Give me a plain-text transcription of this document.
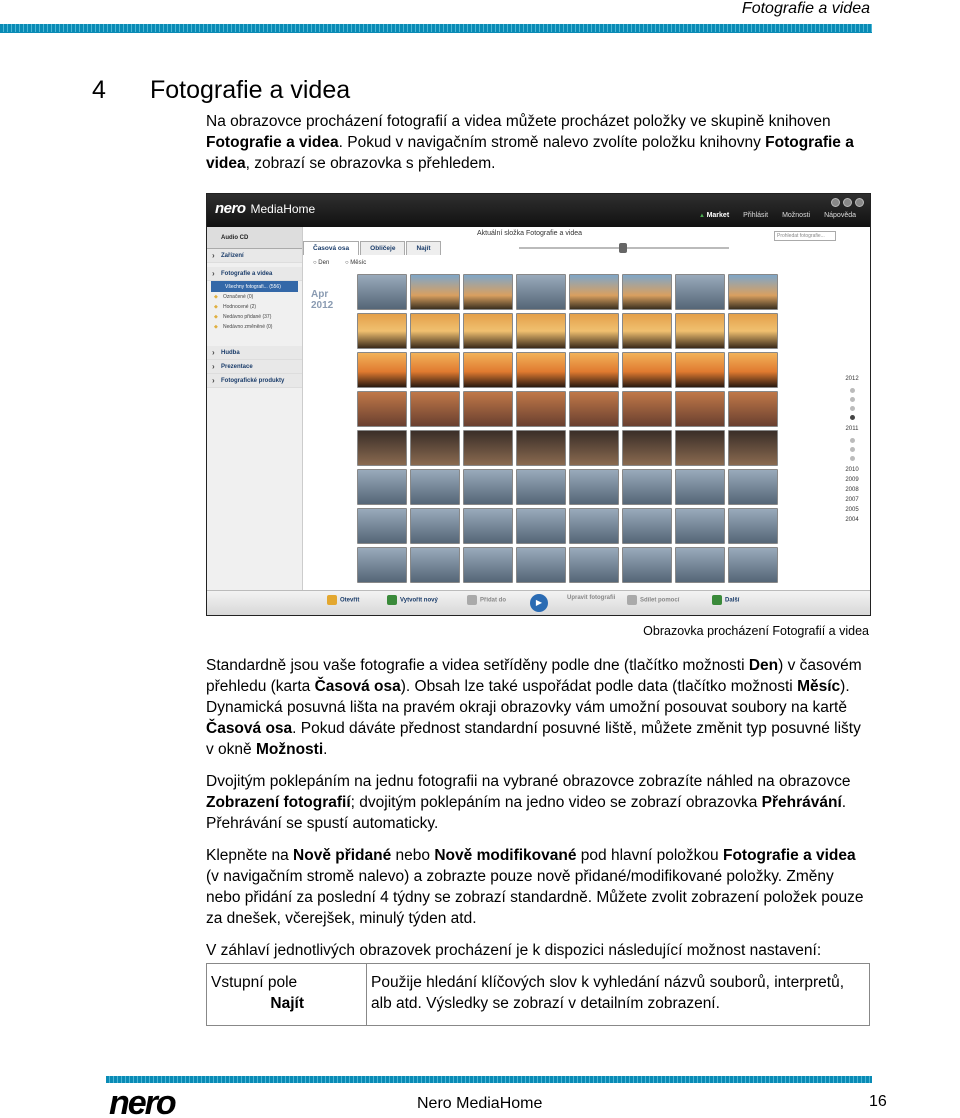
Fotografie a videa
4 Fotografie a videa
Na obrazovce procházení fotografií a videa můžete procházet položky ve skupině knihoven Fotografie a videa. Pokud v navigačním stromě nalevo zvolíte položku knihovny Fotografie a videa, zobrazí se obrazovka s přehledem.
nero MediaHome	▲ Market Přihlásit Možnosti Nápověda
Audio CD
› Zařízení
› Fotografie a videa
Všechny fotografi... (556)
◆ Označené (0)
◆ Hodnocené (2)
◆ Nedávno přidané (37)
◆ Nedávno změněné (0)
› Hudba
› Prezentace
› Fotografické produkty
Aktuální složka Fotografie a videa	Prohledat fotografie...
Časová osa	Obličeje	Najít
○ Den	○ Měsíc
Apr
2012
2012
2011
2010
2009
2008
2007
2005
2004
Otevřít	Vytvořit nový	Přidat do	▶	Upravit fotografii	Sdílet pomocí	Další
Obrazovka procházení Fotografií a videa
Standardně jsou vaše fotografie a videa setříděny podle dne (tlačítko možnosti Den) v časovém přehledu (karta Časová osa). Obsah lze také uspořádat podle data (tlačítko možnosti Měsíc). Dynamická posuvná lišta na pravém okraji obrazovky vám umožní posouvat soubory na kartě Časová osa. Pokud dáváte přednost standardní posuvné liště, můžete změnit typ posuvné lišty v okně Možnosti.
Dvojitým poklepáním na jednu fotografii na vybrané obrazovce zobrazíte náhled na obrazovce Zobrazení fotografií; dvojitým poklepáním na jedno video se zobrazí obrazovka Přehrávání. Přehrávání se spustí automaticky.
Klepněte na Nově přidané nebo Nově modifikované pod hlavní položkou Fotografie a videa (v navigačním stromě nalevo) a zobrazte pouze nově přidané/modifikované položky. Změny nebo přidání za poslední 4 týdny se zobrazí standardně. Můžete zvolit zobrazení položek pouze za dnešek, včerejšek, minulý týden atd.
V záhlaví jednotlivých obrazovek procházení je k dispozici následující možnost nastavení:
Vstupní pole
Najít
	Použije hledání klíčových slov k vyhledání názvů souborů, interpretů, alb atd. Výsledky se zobrazí v detailním zobrazení.
nero	Nero MediaHome	16
